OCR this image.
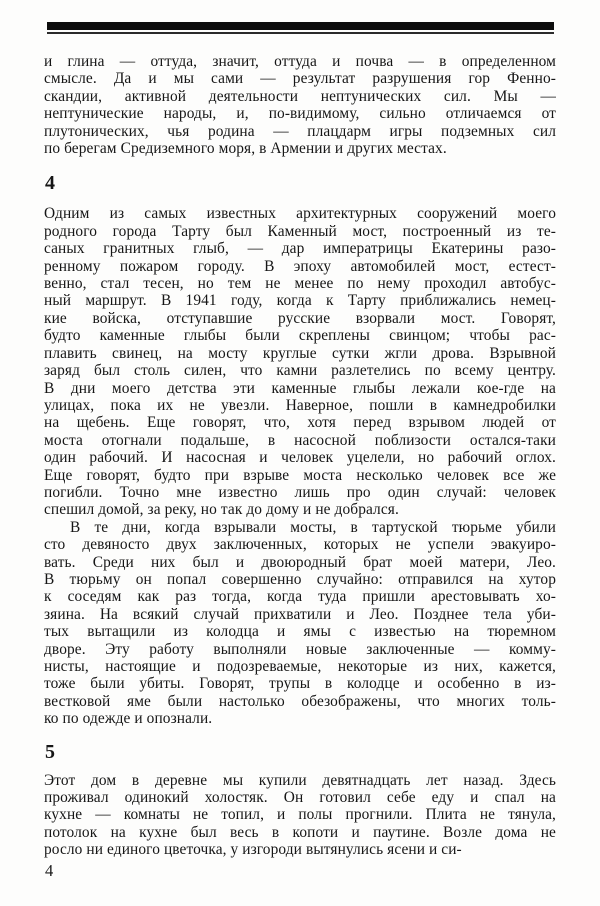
и глина — оттуда, значит, оттуда и почва — в определенном
смысле. Да и мы сами — результат разрушения гор Фенно-
скандии, активной деятельности нептунических сил. Мы —
нептунические народы, и, по-видимому, сильно отличаемся от
плутонических, чья родина — плацдарм игры подземных сил
по берегам Средиземного моря, в Армении и других местах.
4
Одним из самых известных архитектурных сооружений моего
родного города Тарту был Каменный мост, построенный из те-
саных гранитных глыб, — дар императрицы Екатерины разо-
ренному пожаром городу. В эпоху автомобилей мост, естест-
венно, стал тесен, но тем не менее по нему проходил автобус-
ный маршрут. В 1941 году, когда к Тарту приближались немец-
кие войска, отступавшие русские взорвали мост. Говорят,
будто каменные глыбы были скреплены свинцом; чтобы рас-
плавить свинец, на мосту круглые сутки жгли дрова. Взрывной
заряд был столь силен, что камни разлетелись по всему центру.
В дни моего детства эти каменные глыбы лежали кое-где на
улицах, пока их не увезли. Наверное, пошли в камнедробилки
на щебень. Еще говорят, что, хотя перед взрывом людей от
моста отогнали подальше, в насосной поблизости остался-таки
один рабочий. И насосная и человек уцелели, но рабочий оглох.
Еще говорят, будто при взрыве моста несколько человек все же
погибли. Точно мне известно лишь про один случай: человек
спешил домой, за реку, но так до дому и не добрался.
В те дни, когда взрывали мосты, в тартуской тюрьме убили
сто девяносто двух заключенных, которых не успели эвакуиро-
вать. Среди них был и двоюродный брат моей матери, Лео.
В тюрьму он попал совершенно случайно: отправился на хутор
к соседям как раз тогда, когда туда пришли арестовывать хо-
зяина. На всякий случай прихватили и Лео. Позднее тела уби-
тых вытащили из колодца и ямы с известью на тюремном
дворе. Эту работу выполняли новые заключенные — комму-
нисты, настоящие и подозреваемые, некоторые из них, кажется,
тоже были убиты. Говорят, трупы в колодце и особенно в из-
вестковой яме были настолько обезображены, что многих толь-
ко по одежде и опознали.
5
Этот дом в деревне мы купили девятнадцать лет назад. Здесь
проживал одинокий холостяк. Он готовил себе еду и спал на
кухне — комнаты не топил, и полы прогнили. Плита не тянула,
потолок на кухне был весь в копоти и паутине. Возле дома не
росло ни единого цветочка, у изгороди вытянулись ясени и си-
4
